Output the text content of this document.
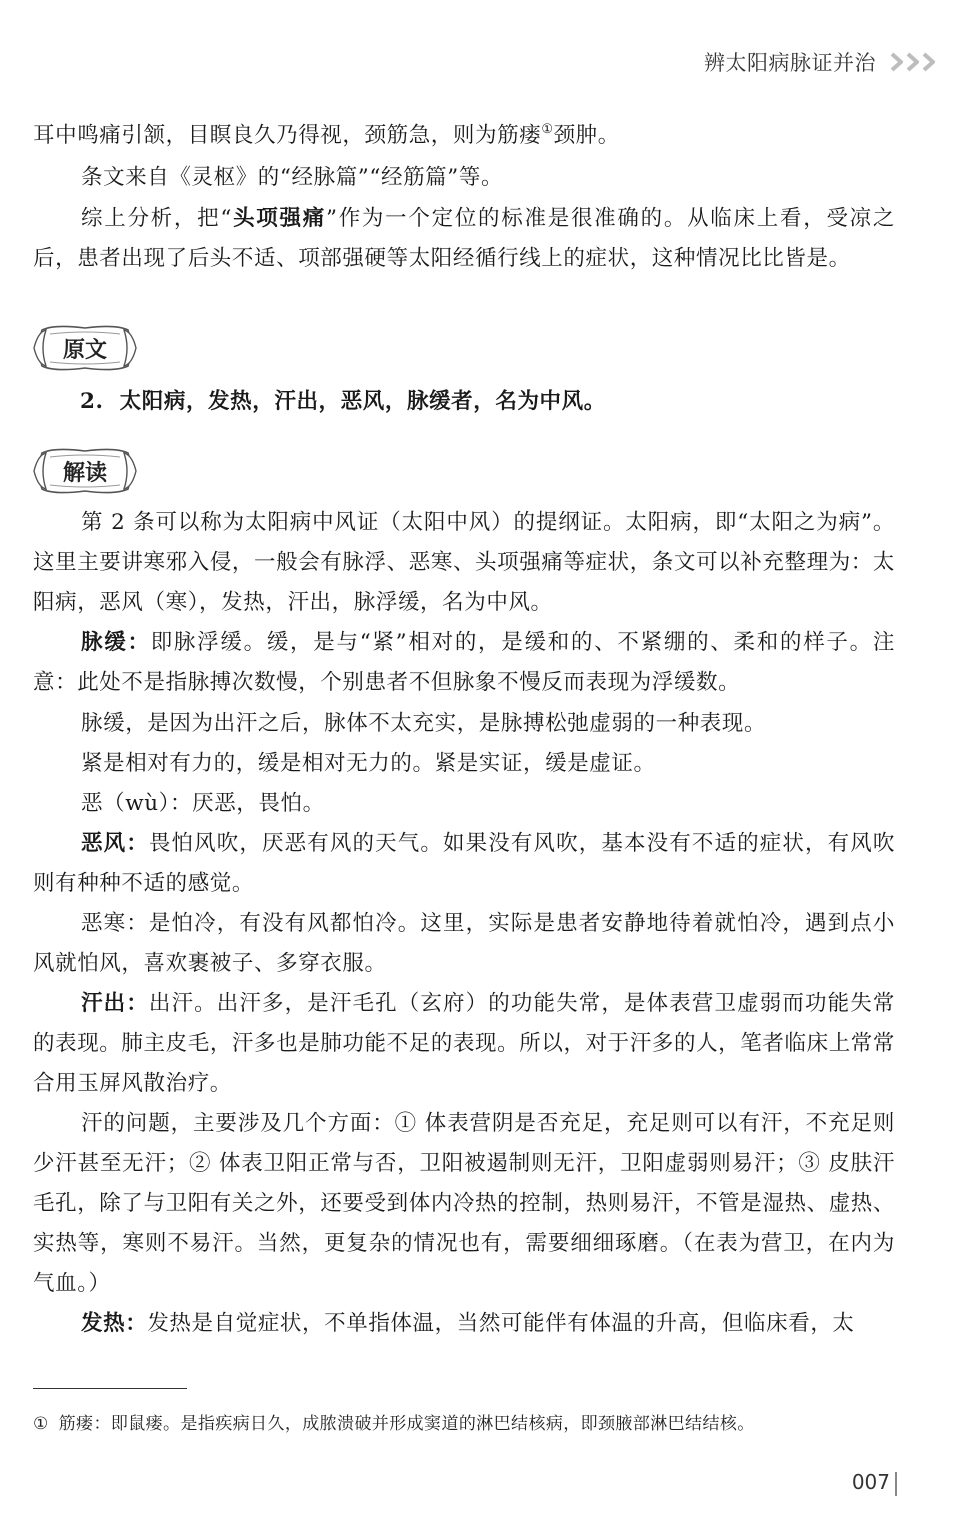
辨太阳病脉证并治

耳中鸣痛引颔，目瞑良久乃得视，颈筋急，则为筋瘘①颈肿。

条文来自《灵枢》的“经脉篇”“经筋篇”等。

综上分析，把“头项强痛”作为一个定位的标准是很准确的。从临床上看，受凉之后，患者出现了后头不适、项部强硬等太阳经循行线上的症状，这种情况比比皆是。

原文
2. 太阳病，发热，汗出，恶风，脉缓者，名为中风。
解读

第 2 条可以称为太阳病中风证（太阳中风）的提纲证。太阳病，即“太阳之为病”。这里主要讲寒邪入侵，一般会有脉浮、恶寒、头项强痛等症状，条文可以补充整理为：太阳病，恶风（寒），发热，汗出，脉浮缓，名为中风。

脉缓：即脉浮缓。缓，是与“紧”相对的，是缓和的、不紧绷的、柔和的样子。注意：此处不是指脉搏次数慢，个别患者不但脉象不慢反而表现为浮缓数。

脉缓，是因为出汗之后，脉体不太充实，是脉搏松弛虚弱的一种表现。

紧是相对有力的，缓是相对无力的。紧是实证，缓是虚证。

恶（wù）：厌恶，畏怕。

恶风：畏怕风吹，厌恶有风的天气。如果没有风吹，基本没有不适的症状，有风吹则有种种不适的感觉。

恶寒：是怕冷，有没有风都怕冷。这里，实际是患者安静地待着就怕冷，遇到点小风就怕风，喜欢裹被子、多穿衣服。

汗出：出汗。出汗多，是汗毛孔（玄府）的功能失常，是体表营卫虚弱而功能失常的表现。肺主皮毛，汗多也是肺功能不足的表现。所以，对于汗多的人，笔者临床上常常合用玉屏风散治疗。

汗的问题，主要涉及几个方面：① 体表营阴是否充足，充足则可以有汗，不充足则少汗甚至无汗；② 体表卫阳正常与否，卫阳被遏制则无汗，卫阳虚弱则易汗；③ 皮肤汗毛孔，除了与卫阳有关之外，还要受到体内冷热的控制，热则易汗，不管是湿热、虚热、实热等，寒则不易汗。当然，更复杂的情况也有，需要细细琢磨。（在表为营卫，在内为气血。）

发热：发热是自觉症状，不单指体温，当然可能伴有体温的升高，但临床看，太

① 筋瘘：即鼠瘘。是指疾病日久，成脓溃破并形成窦道的淋巴结核病，即颈腋部淋巴结结核。
007
